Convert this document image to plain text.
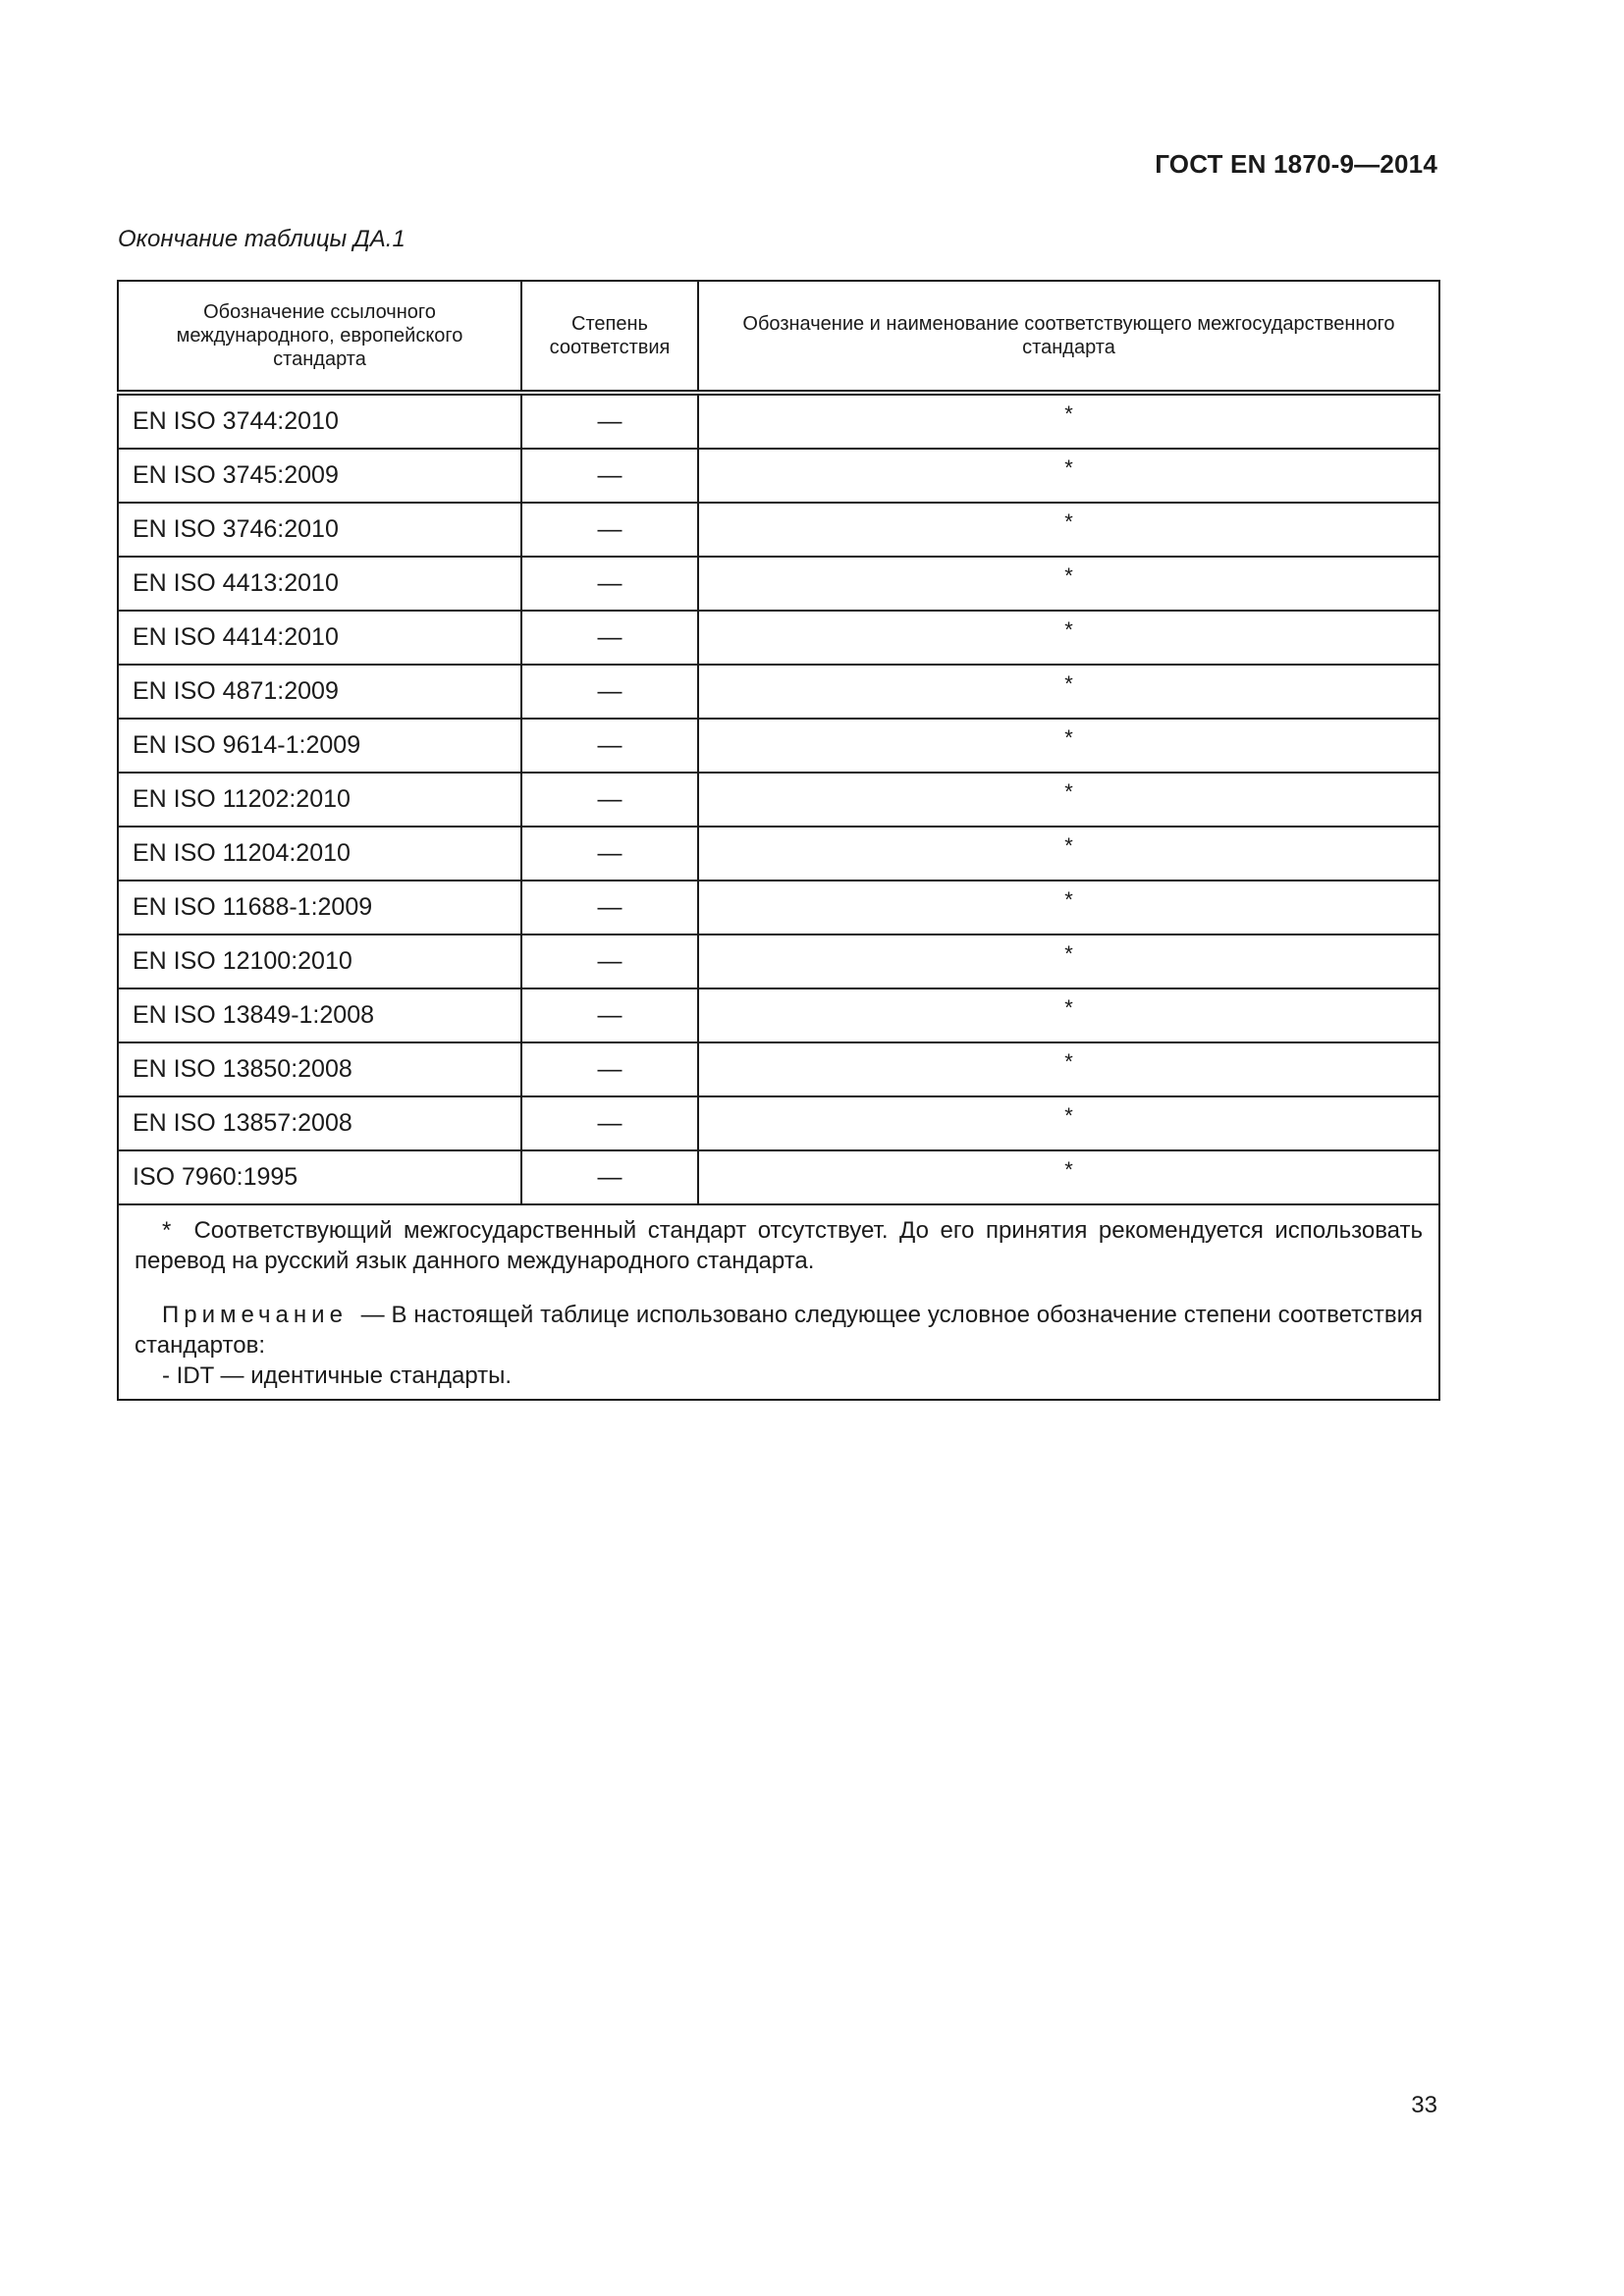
ГОСТ EN 1870-9—2014
Окончание таблицы ДА.1
Обозначение ссылочного международного, европейского стандарта	Степень соответствия	Обозначение и наименование соответствующего межгосударственного стандарта
EN ISO 3744:2010	—	*
EN ISO 3745:2009	—	*
EN ISO 3746:2010	—	*
EN ISO 4413:2010	—	*
EN ISO 4414:2010	—	*
EN ISO 4871:2009	—	*
EN ISO 9614-1:2009	—	*
EN ISO 11202:2010	—	*
EN ISO 11204:2010	—	*
EN ISO 11688-1:2009	—	*
EN ISO 12100:2010	—	*
EN ISO 13849-1:2008	—	*
EN ISO 13850:2008	—	*
EN ISO 13857:2008	—	*
ISO 7960:1995	—	*

* Соответствующий межгосударственный стандарт отсутствует. До его принятия рекомендуется использовать перевод на русский язык данного международного стандарта.

Примечание — В настоящей таблице использовано следующее условное обозначение степени соответствия стандартов:

- IDT — идентичные стандарты.		

33
